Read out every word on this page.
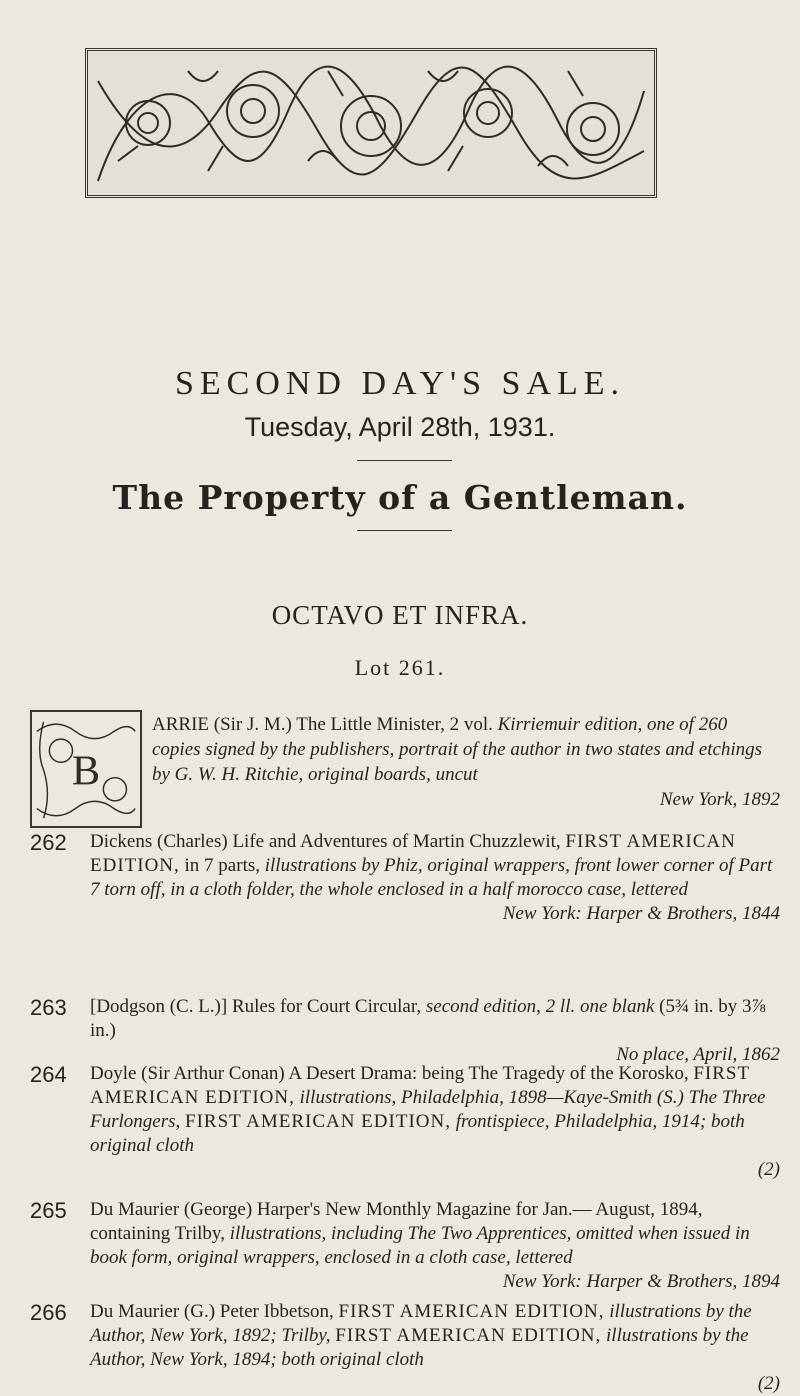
SECOND DAY'S SALE.
Tuesday, April 28th, 1931.
The Property of a Gentleman.
OCTAVO ET INFRA.
Lot 261.
B
ARRIE (Sir J. M.) The Little Minister, 2 vol. Kirriemuir edition, one of 260 copies signed by the publishers, portrait of the author in two states and etchings by G. W. H. Ritchie, original boards, uncut
New York, 1892
262	Dickens (Charles) Life and Adventures of Martin Chuzzlewit, FIRST AMERICAN EDITION, in 7 parts, illustrations by Phiz, original wrappers, front lower corner of Part 7 torn off, in a cloth folder, the whole enclosed in a half morocco case, lettered
New York: Harper & Brothers, 1844
263	[Dodgson (C. L.)] Rules for Court Circular, second edition, 2 ll. one blank (5¾ in. by 3⅞ in.)
No place, April, 1862
264	Doyle (Sir Arthur Conan) A Desert Drama: being The Tragedy of the Korosko, FIRST AMERICAN EDITION, illustrations, Philadelphia, 1898—Kaye-Smith (S.) The Three Furlongers, FIRST AMERICAN EDITION, frontispiece, Philadelphia, 1914; both original cloth
(2)
265	Du Maurier (George) Harper's New Monthly Magazine for Jan.— August, 1894, containing Trilby, illustrations, including The Two Apprentices, omitted when issued in book form, original wrappers, enclosed in a cloth case, lettered
New York: Harper & Brothers, 1894
266	Du Maurier (G.) Peter Ibbetson, FIRST AMERICAN EDITION, illustrations by the Author, New York, 1892; Trilby, FIRST AMERICAN EDITION, illustrations by the Author, New York, 1894; both original cloth
(2)
